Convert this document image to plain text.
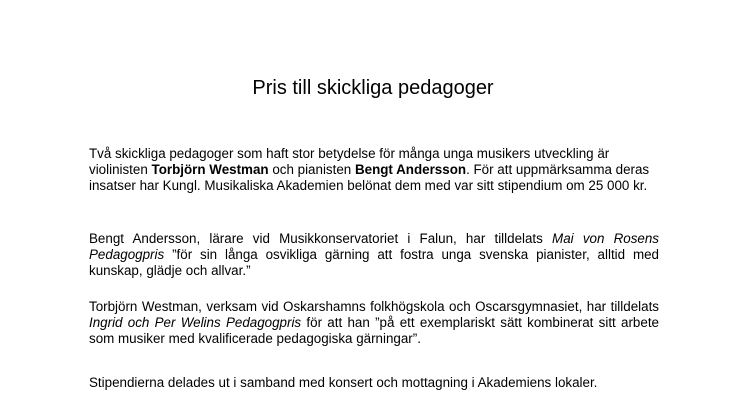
Pris till skickliga pedagoger

Två skickliga pedagoger som haft stor betydelse för många unga musikers utveckling är violinisten Torbjörn Westman och pianisten Bengt Andersson. För att uppmärksamma deras insatser har Kungl. Musikaliska Akademien belönat dem med var sitt stipendium om 25 000 kr.

Bengt Andersson, lärare vid Musikkonservatoriet i Falun, har tilldelats Mai von Rosens Pedagogpris ”för sin långa osvikliga gärning att fostra unga svenska pianister, alltid med kunskap, glädje och allvar.”

Torbjörn Westman, verksam vid Oskarshamns folkhögskola och Oscarsgymnasiet, har tilldelats Ingrid och Per Welins Pedagogpris för att han ”på ett exemplariskt sätt kombinerat sitt arbete som musiker med kvalificerade pedagogiska gärningar”.

Stipendierna delades ut i samband med konsert och mottagning i Akademiens lokaler.
